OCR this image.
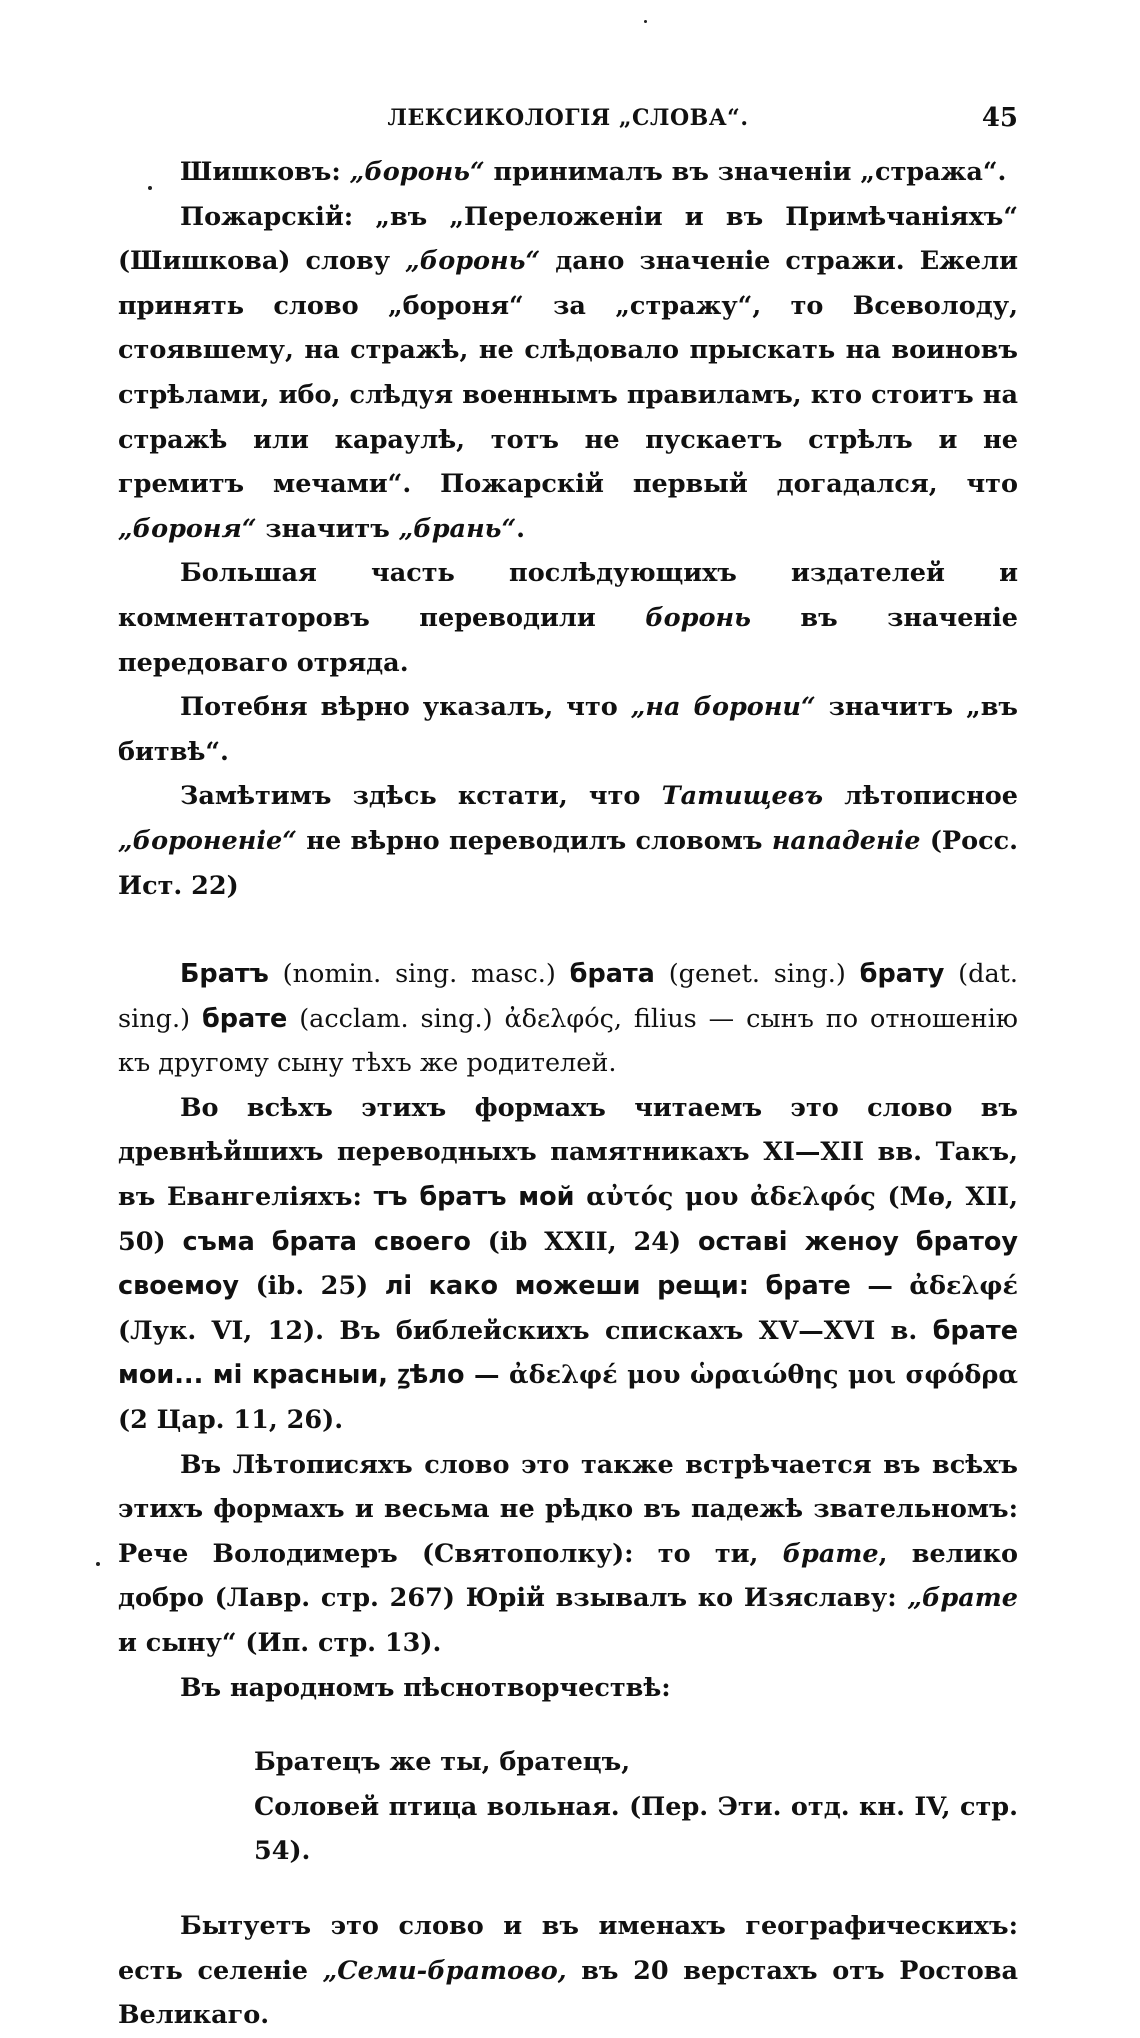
ЛЕКСИКОЛОГІЯ „СЛОВА“.	45

Шишковъ: „боронь“ принималъ въ значеніи „стража“.

Пожарскій: „въ „Переложеніи и въ Примѣчаніяхъ“ (Шишкова) слову „боронь“ дано значеніе стражи. Ежели принять слово „бороня“ за „стражу“, то Всеволоду, стоявшему, на стражѣ, не слѣдовало прыскать на воиновъ стрѣлами, ибо, слѣдуя военнымъ правиламъ, кто стоитъ на стражѣ или караулѣ, тотъ не пускаетъ стрѣлъ и не гремитъ мечами“. Пожарскій первый догадался, что „бороня“ значитъ „брань“.

Большая часть послѣдующихъ издателей и комментаторовъ переводили боронь въ значеніе передоваго отряда.

Потебня вѣрно указалъ, что „на борони“ значитъ „въ битвѣ“.

Замѣтимъ здѣсь кстати, что Татищевъ лѣтописное „бороненіе“ не вѣрно переводилъ словомъ нападеніе (Росс. Ист. 22)

Братъ (nomin. sing. masc.) брата (genet. sing.) брату (dat. sing.) брате (acclam. sing.) ἀδελφός, filius — сынъ по отношенію къ другому сыну тѣхъ же родителей.

Во всѣхъ этихъ формахъ читаемъ это слово въ древнѣйшихъ переводныхъ памятникахъ XI—XII вв. Такъ, въ Евангеліяхъ: тъ братъ мой αὐτός μου ἀδελφός (Мө, XII, 50) съма брата своего (ib XXII, 24) оставі женоу братоу своемоу (ib. 25) лі како можеши рещи: брате — ἀδελφέ (Лук. VI, 12). Въ библейскихъ спискахъ XV—XVI в. брате мои... мі красныи, ꙁѣло — ἀδελφέ μου ὡραιώθης μοι σφόδρα (2 Цар. 11, 26).

Въ Лѣтописяхъ слово это также встрѣчается въ всѣхъ этихъ формахъ и весьма не рѣдко въ падежѣ звательномъ: Рече Володимеръ (Святополку): то ти, брате, велико добро (Лавр. стр. 267) Юрій взывалъ ко Изяславу: „брате и сыну“ (Ип. стр. 13).

Въ народномъ пѣснотворчествѣ:

Братецъ же ты, братецъ,

Соловей птица вольная. (Пер. Эти. отд. кн. IV, стр. 54).

Бытуетъ это слово и въ именахъ географическихъ: есть селеніе „Семи-братово, въ 20 верстахъ отъ Ростова Великаго.
